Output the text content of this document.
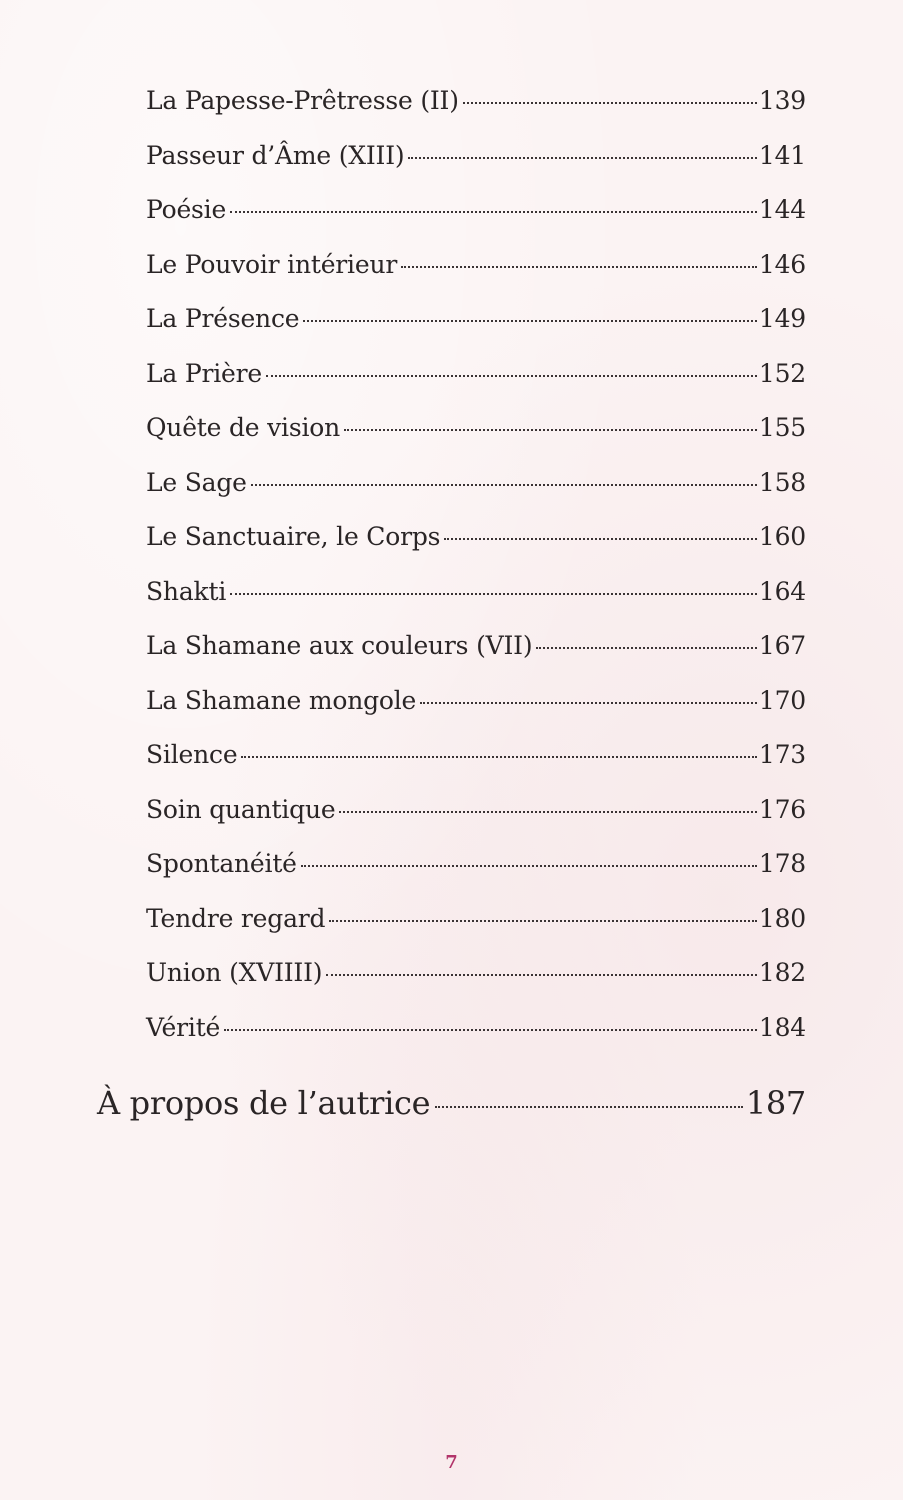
La Papesse-Prêtresse (II)	139
Passeur d’Âme (XIII)	141
Poésie	144
Le Pouvoir intérieur	146
La Présence	149
La Prière	152
Quête de vision	155
Le Sage	158
Le Sanctuaire, le Corps	160
Shakti	164
La Shamane aux couleurs (VII)	167
La Shamane mongole	170
Silence	173
Soin quantique	176
Spontanéité	178
Tendre regard	180
Union (XVIIII)	182
Vérité	184
À propos de l’autrice	187
7
